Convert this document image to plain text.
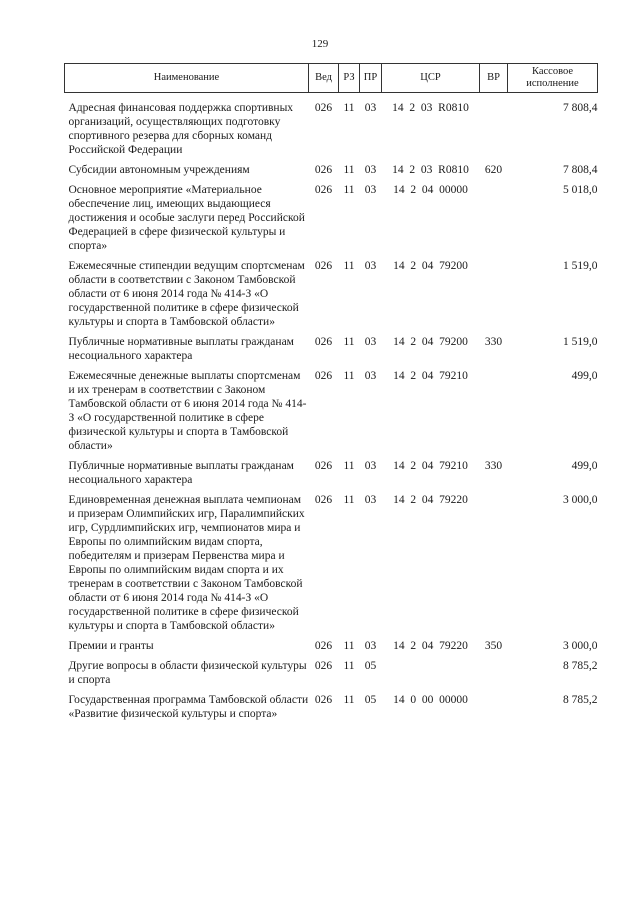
129
Наименование	Вед	РЗ	ПР	ЦСР	ВР	Кассовое исполнение
Адресная финансовая поддержка спортивных организаций, осуществляющих подготовку спортивного резерва для сборных команд Российской Федерации	026	11	03	14  2  03  R0810		7 808,4
Субсидии автономным учреждениям	026	11	03	14  2  03  R0810	620	7 808,4
Основное мероприятие «Материальное обеспечение лиц, имеющих выдающиеся достижения и особые заслуги перед Российской Федерацией в сфере физической культуры и спорта»	026	11	03	14  2  04  00000		5 018,0
Ежемесячные стипендии ведущим спортсменам области в соответствии с Законом Тамбовской области от 6 июня 2014 года № 414-З «О государственной политике в сфере физической культуры и спорта в Тамбовской области»	026	11	03	14  2  04  79200		1 519,0
Публичные нормативные выплаты гражданам несоциального характера	026	11	03	14  2  04  79200	330	1 519,0
Ежемесячные денежные выплаты спортсменам и их тренерам в соответствии с Законом Тамбовской области от 6 июня 2014 года № 414-З «О государственной политике в сфере физической культуры и спорта в Тамбовской области»	026	11	03	14  2  04  79210		499,0
Публичные нормативные выплаты гражданам несоциального характера	026	11	03	14  2  04  79210	330	499,0
Единовременная денежная выплата чемпионам и призерам Олимпийских игр, Паралимпийских игр, Сурдлимпийских игр, чемпионатов мира и Европы по олимпийским видам спорта, победителям и призерам Первенства мира и Европы по олимпийским видам спорта и их тренерам в соответствии с Законом Тамбовской области от 6 июня 2014 года № 414-З «О государственной политике в сфере физической культуры и спорта в Тамбовской области»	026	11	03	14  2  04  79220		3 000,0
Премии и гранты	026	11	03	14  2  04  79220	350	3 000,0
Другие вопросы в области физической культуры и спорта	026	11	05			8 785,2
Государственная программа Тамбовской области «Развитие физической культуры и спорта»	026	11	05	14  0  00  00000		8 785,2
